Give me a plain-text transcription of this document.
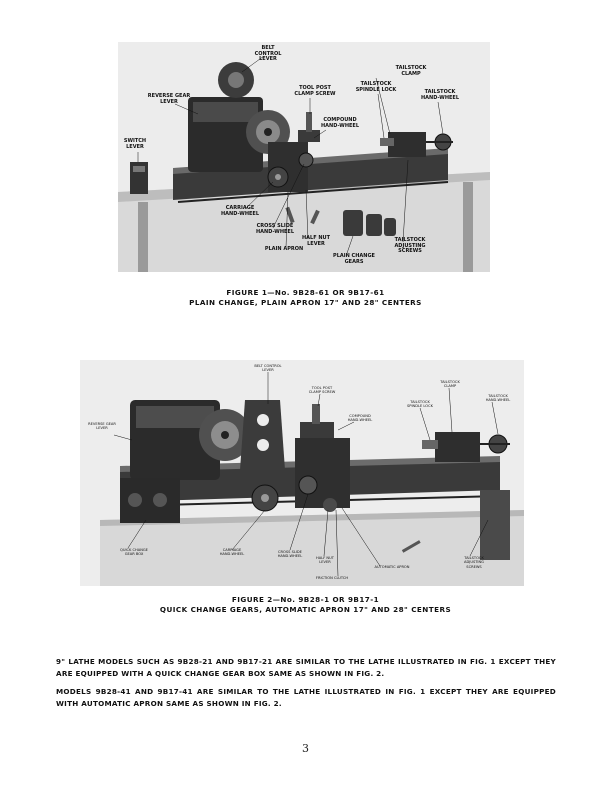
BELT CONTROL
LEVER
TOOL POST
CLAMP SCREW
TAILSTOCK
CLAMP
TAILSTOCK
SPINDLE LOCK	TAILSTOCK
HAND-WHEEL
REVERSE GEAR
LEVER
COMPOUND
HAND-WHEEL
SWITCH
LEVER
CARRIAGE
HAND-WHEEL
CROSS SLIDE
HAND-WHEEL
HALF NUT
LEVER
PLAIN APRON
PLAIN CHANGE
GEARS
TAILSTOCK
ADJUSTING
SCREWS
FIGURE 1—No. 9B28-61 OR 9B17-61
PLAIN CHANGE, PLAIN APRON 17" AND 28" CENTERS
BELT CONTROL
LEVER
TOOL POST
CLAMP SCREW
TAILSTOCK
CLAMP
TAILSTOCK
SPINDLE LOCK
TAILSTOCK
HAND-WHEEL
REVERSE GEAR
LEVER
COMPOUND
HAND-WHEEL
QUICK CHANGE
GEAR BOX
CARRIAGE
HAND-WHEEL
CROSS SLIDE
HAND-WHEEL	HALF NUT
LEVER
AUTOMATIC APRON
FRICTION CLUTCH
TAILSTOCK
ADJUSTING
SCREWS
FIGURE 2—No. 9B28-1 OR 9B17-1
QUICK CHANGE GEARS, AUTOMATIC APRON 17" AND 28" CENTERS
9" LATHE MODELS SUCH AS 9B28-21 AND 9B17-21 ARE SIMILAR TO THE LATHE ILLUSTRATED IN FIG. 1 EXCEPT THEY ARE EQUIPPED WITH A QUICK CHANGE GEAR BOX SAME AS SHOWN IN FIG. 2.
MODELS 9B28-41 AND 9B17-41 ARE SIMILAR TO THE LATHE ILLUSTRATED IN FIG. 1 EXCEPT THEY ARE EQUIPPED WITH AUTOMATIC APRON SAME AS SHOWN IN FIG. 2.
3
